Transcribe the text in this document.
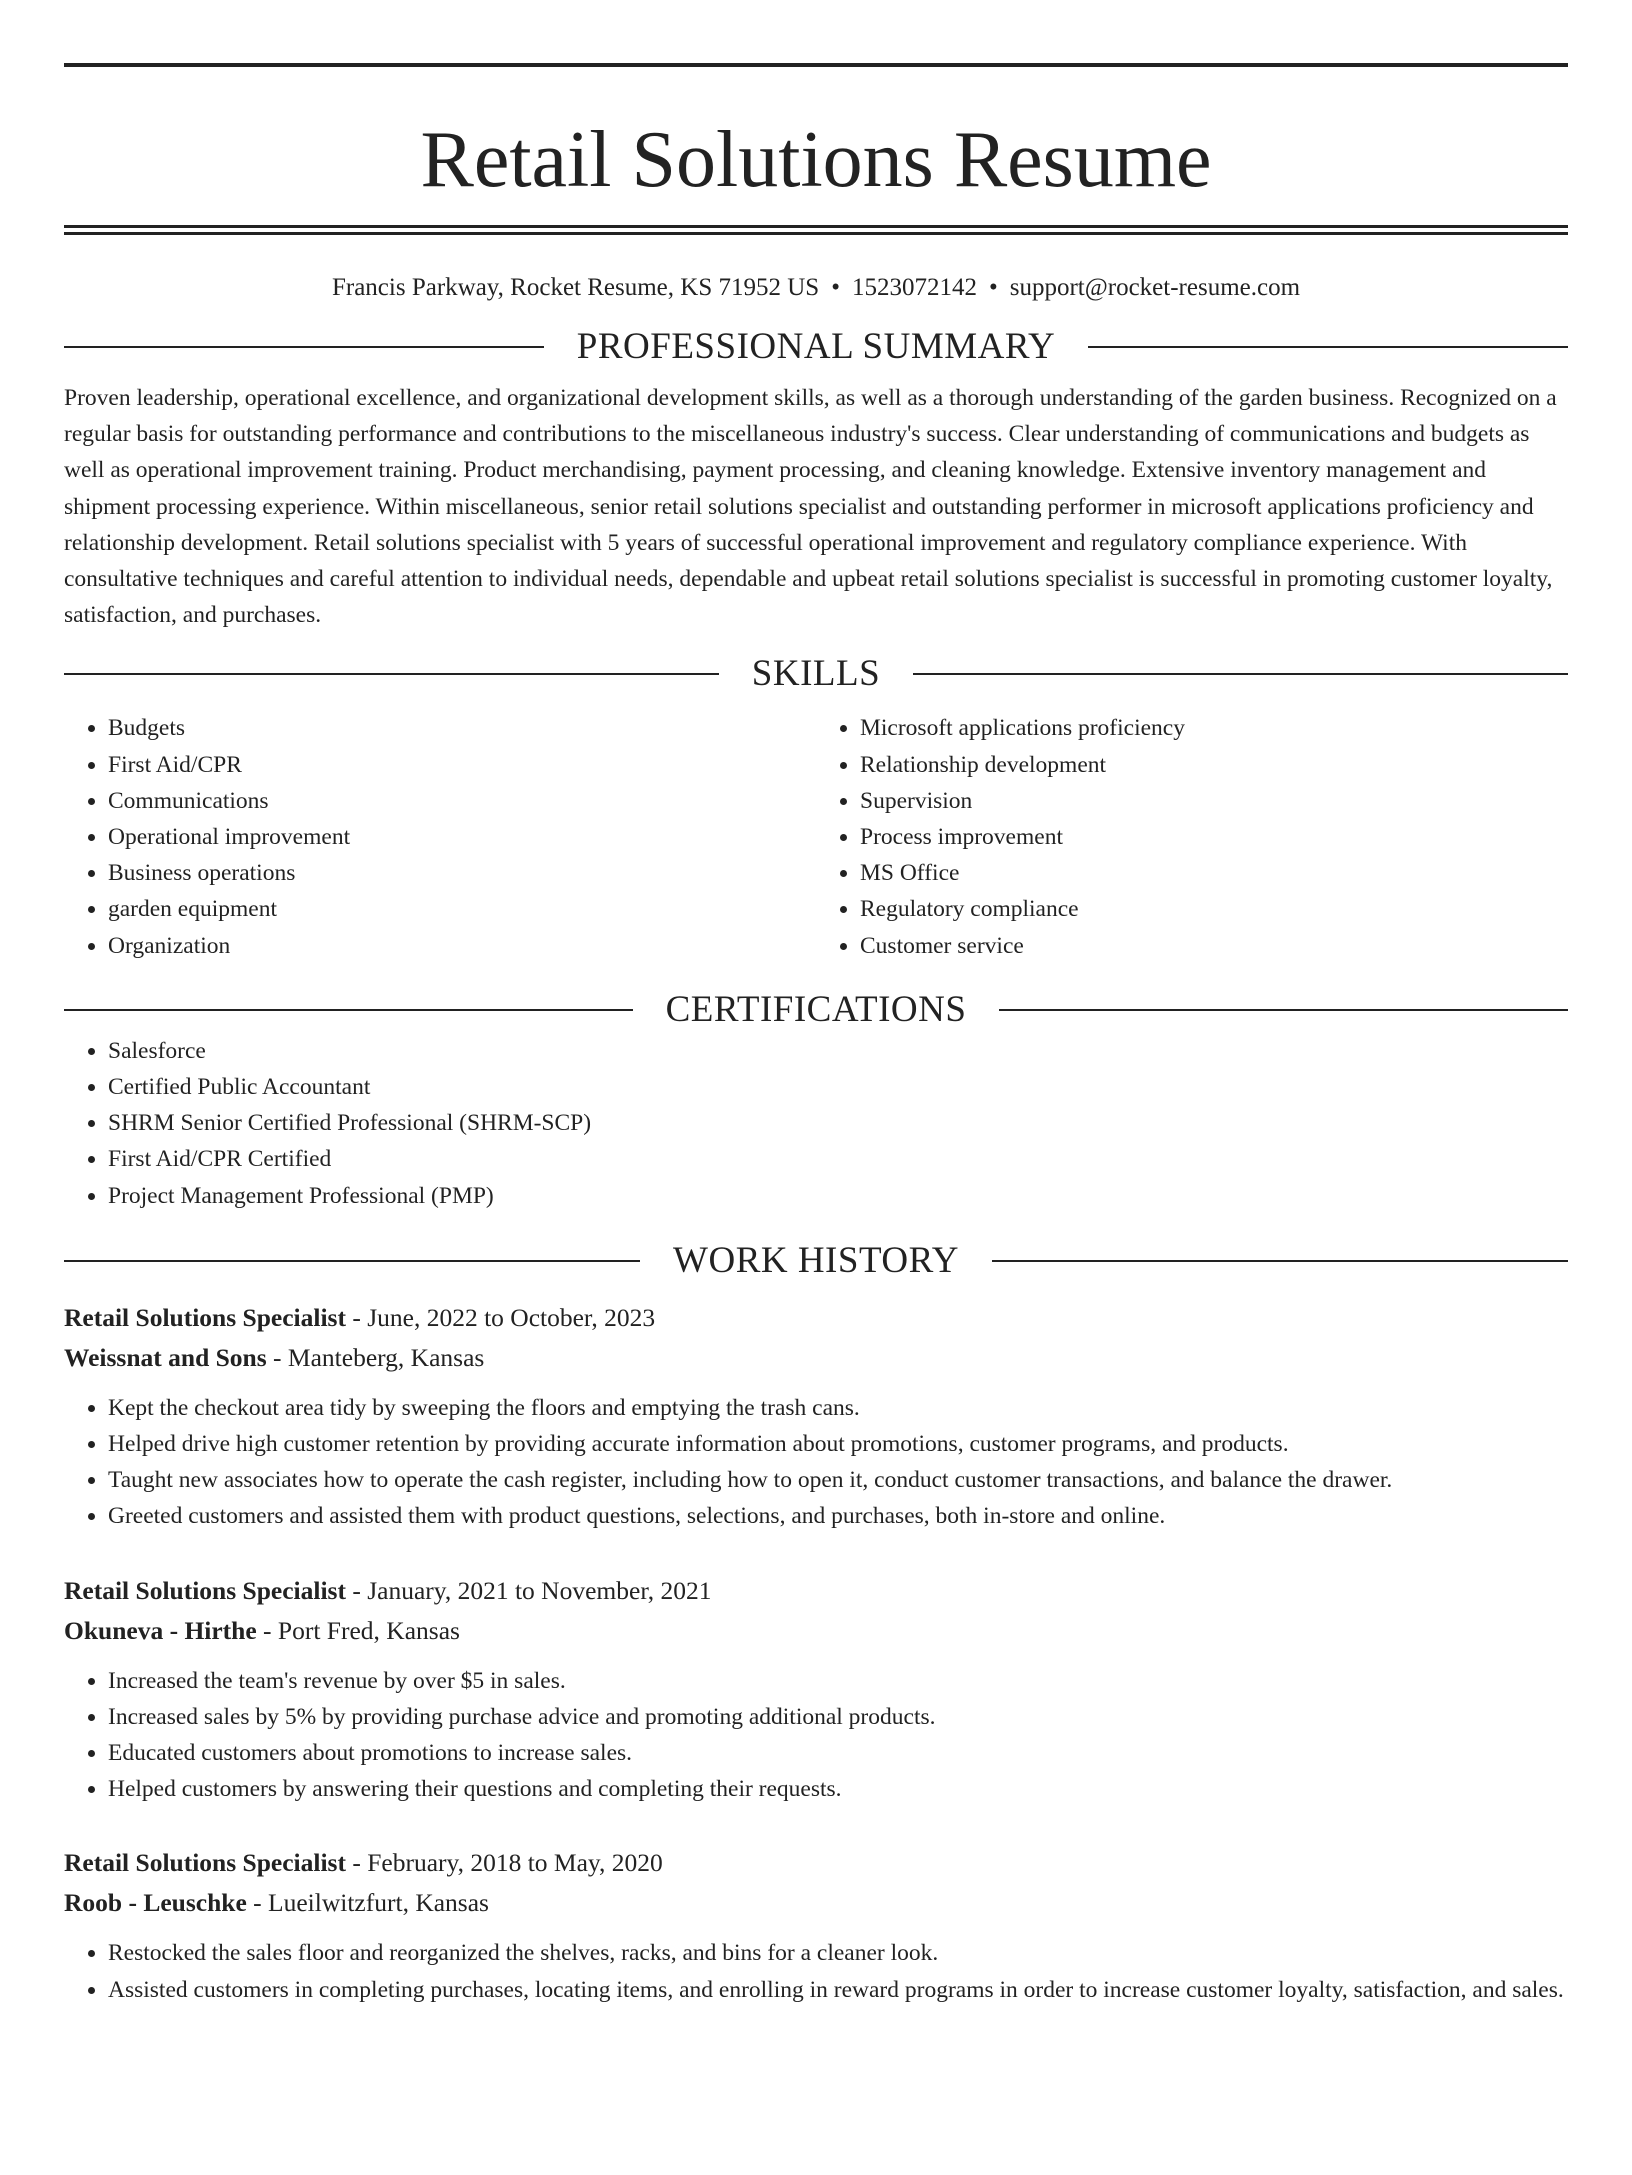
Retail Solutions Resume
Francis Parkway, Rocket Resume, KS 71952 US • 1523072142 • support@rocket-resume.com
PROFESSIONAL SUMMARY
Proven leadership, operational excellence, and organizational development skills, as well as a thorough understanding of the garden business. Recognized on a regular basis for outstanding performance and contributions to the miscellaneous industry's success. Clear understanding of communications and budgets as well as operational improvement training. Product merchandising, payment processing, and cleaning knowledge. Extensive inventory management and shipment processing experience. Within miscellaneous, senior retail solutions specialist and outstanding performer in microsoft applications proficiency and relationship development. Retail solutions specialist with 5 years of successful operational improvement and regulatory compliance experience. With consultative techniques and careful attention to individual needs, dependable and upbeat retail solutions specialist is successful in promoting customer loyalty, satisfaction, and purchases.
SKILLS
• Budgets
• First Aid/CPR
• Communications
• Operational improvement
• Business operations
• garden equipment
• Organization
• Microsoft applications proficiency
• Relationship development
• Supervision
• Process improvement
• MS Office
• Regulatory compliance
• Customer service
CERTIFICATIONS
• Salesforce
• Certified Public Accountant
• SHRM Senior Certified Professional (SHRM-SCP)
• First Aid/CPR Certified
• Project Management Professional (PMP)
WORK HISTORY
Retail Solutions Specialist - June, 2022 to October, 2023
Weissnat and Sons - Manteberg, Kansas
• Kept the checkout area tidy by sweeping the floors and emptying the trash cans.
• Helped drive high customer retention by providing accurate information about promotions, customer programs, and products.
• Taught new associates how to operate the cash register, including how to open it, conduct customer transactions, and balance the drawer.
• Greeted customers and assisted them with product questions, selections, and purchases, both in-store and online.
Retail Solutions Specialist - January, 2021 to November, 2021
Okuneva - Hirthe - Port Fred, Kansas
• Increased the team's revenue by over $5 in sales.
• Increased sales by 5% by providing purchase advice and promoting additional products.
• Educated customers about promotions to increase sales.
• Helped customers by answering their questions and completing their requests.
Retail Solutions Specialist - February, 2018 to May, 2020
Roob - Leuschke - Lueilwitzfurt, Kansas
• Restocked the sales floor and reorganized the shelves, racks, and bins for a cleaner look.
• Assisted customers in completing purchases, locating items, and enrolling in reward programs in order to increase customer loyalty, satisfaction, and sales.
